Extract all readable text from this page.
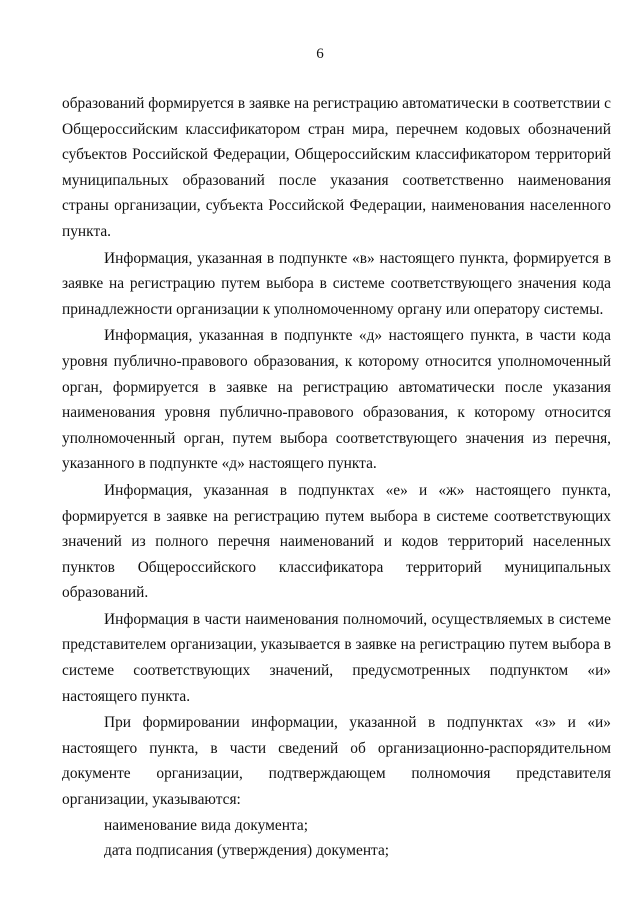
6

образований формируется в заявке на регистрацию автоматически в соответствии с Общероссийским классификатором стран мира, перечнем кодовых обозначений субъектов Российской Федерации, Общероссийским классификатором территорий муниципальных образований после указания соответственно наименования страны организации, субъекта Российской Федерации, наименования населенного пункта.

Информация, указанная в подпункте «в» настоящего пункта, формируется в заявке на регистрацию путем выбора в системе соответствующего значения кода принадлежности организации к уполномоченному органу или оператору системы.

Информация, указанная в подпункте «д» настоящего пункта, в части кода уровня публично-правового образования, к которому относится уполномоченный орган, формируется в заявке на регистрацию автоматически после указания наименования уровня публично-правового образования, к которому относится уполномоченный орган, путем выбора соответствующего значения из перечня, указанного в подпункте «д» настоящего пункта.

Информация, указанная в подпунктах «е» и «ж» настоящего пункта, формируется в заявке на регистрацию путем выбора в системе соответствующих значений из полного перечня наименований и кодов территорий населенных пунктов Общероссийского классификатора территорий муниципальных образований.

Информация в части наименования полномочий, осуществляемых в системе представителем организации, указывается в заявке на регистрацию путем выбора в системе соответствующих значений, предусмотренных подпунктом «и» настоящего пункта.

При формировании информации, указанной в подпунктах «з» и «и» настоящего пункта, в части сведений об организационно-распорядительном документе организации, подтверждающем полномочия представителя организации, указываются:

наименование вида документа;

дата подписания (утверждения) документа;
